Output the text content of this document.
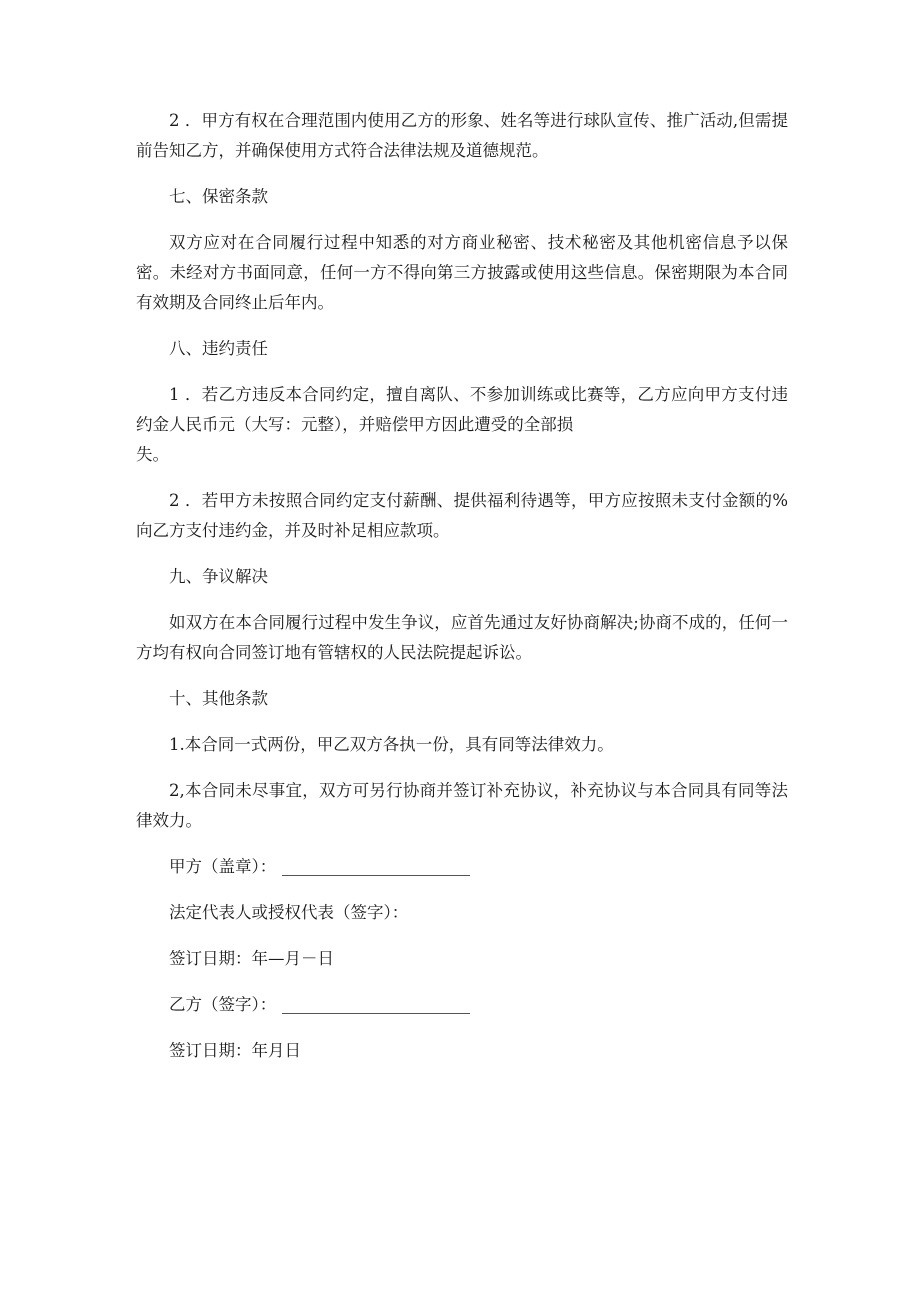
2 ．甲方有权在合理范围内使用乙方的形象、姓名等进行球队宣传、推广活动,但需提前告知乙方，并确保使用方式符合法律法规及道德规范。

七、保密条款

双方应对在合同履行过程中知悉的对方商业秘密、技术秘密及其他机密信息予以保密。未经对方书面同意，任何一方不得向第三方披露或使用这些信息。保密期限为本合同有效期及合同终止后年内。

八、违约责任

1 ．若乙方违反本合同约定，擅自离队、不参加训练或比赛等，乙方应向甲方支付违约金人民币元（大写：元整），并赔偿甲方因此遭受的全部损

失。

2 ．若甲方未按照合同约定支付薪酬、提供福利待遇等，甲方应按照未支付金额的%向乙方支付违约金，并及时补足相应款项。

九、争议解决

如双方在本合同履行过程中发生争议，应首先通过友好协商解决;协商不成的，任何一方均有权向合同签订地有管辖权的人民法院提起诉讼。

十、其他条款

1.本合同一式两份，甲乙双方各执一份，具有同等法律效力。

2,本合同未尽事宜，双方可另行协商并签订补充协议，补充协议与本合同具有同等法律效力。

甲方（盖章）：
法定代表人或授权代表（签字）：
签订日期：年—月－日
乙方（签字）：
签订日期：年月日
